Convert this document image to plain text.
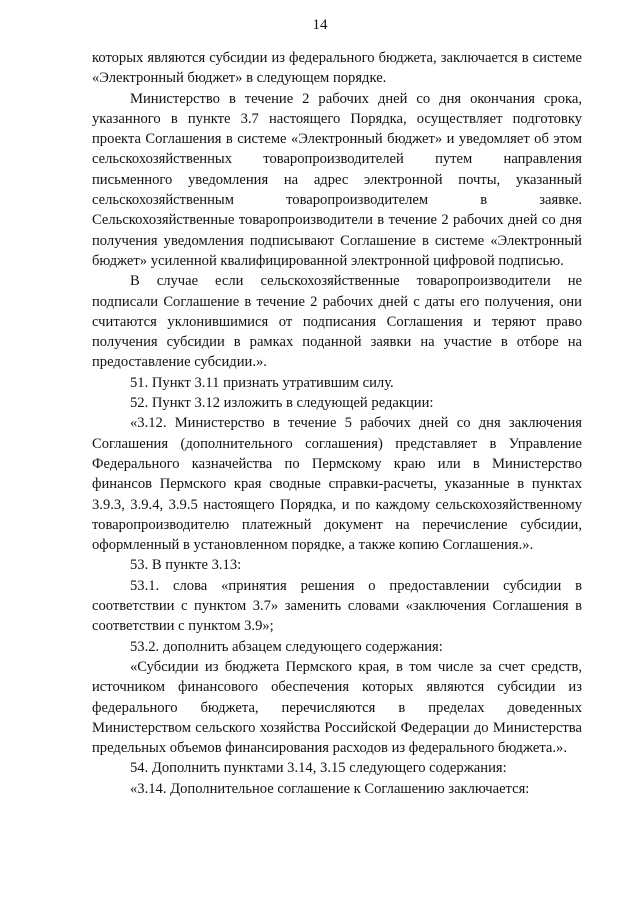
14

которых являются субсидии из федерального бюджета, заключается в системе «Электронный бюджет» в следующем порядке.

Министерство в течение 2 рабочих дней со дня окончания срока, указанного в пункте 3.7 настоящего Порядка, осуществляет подготовку проекта Соглашения в системе «Электронный бюджет» и уведомляет об этом сельскохозяйственных товаропроизводителей путем направления письменного уведомления на адрес электронной почты, указанный сельскохозяйственным товаропроизводителем в заявке. Сельскохозяйственные товаропроизводители в течение 2 рабочих дней со дня получения уведомления подписывают Соглашение в системе «Электронный бюджет» усиленной квалифицированной электронной цифровой подписью.

В случае если сельскохозяйственные товаропроизводители не подписали Соглашение в течение 2 рабочих дней с даты его получения, они считаются уклонившимися от подписания Соглашения и теряют право получения субсидии в рамках поданной заявки на участие в отборе на предоставление субсидии.».

51. Пункт 3.11 признать утратившим силу.

52. Пункт 3.12 изложить в следующей редакции:

«3.12. Министерство в течение 5 рабочих дней со дня заключения Соглашения (дополнительного соглашения) представляет в Управление Федерального казначейства по Пермскому краю или в Министерство финансов Пермского края сводные справки-расчеты, указанные в пунктах 3.9.3, 3.9.4, 3.9.5 настоящего Порядка, и по каждому сельскохозяйственному товаропроизводителю платежный документ на перечисление субсидии, оформленный в установленном порядке, а также копию Соглашения.».

53. В пункте 3.13:

53.1. слова «принятия решения о предоставлении субсидии в соответствии с пунктом 3.7» заменить словами «заключения Соглашения в соответствии с пунктом 3.9»;

53.2. дополнить абзацем следующего содержания:

«Субсидии из бюджета Пермского края, в том числе за счет средств, источником финансового обеспечения которых являются субсидии из федерального бюджета, перечисляются в пределах доведенных Министерством сельского хозяйства Российской Федерации до Министерства предельных объемов финансирования расходов из федерального бюджета.».

54. Дополнить пунктами 3.14, 3.15 следующего содержания:

«3.14. Дополнительное соглашение к Соглашению заключается:
